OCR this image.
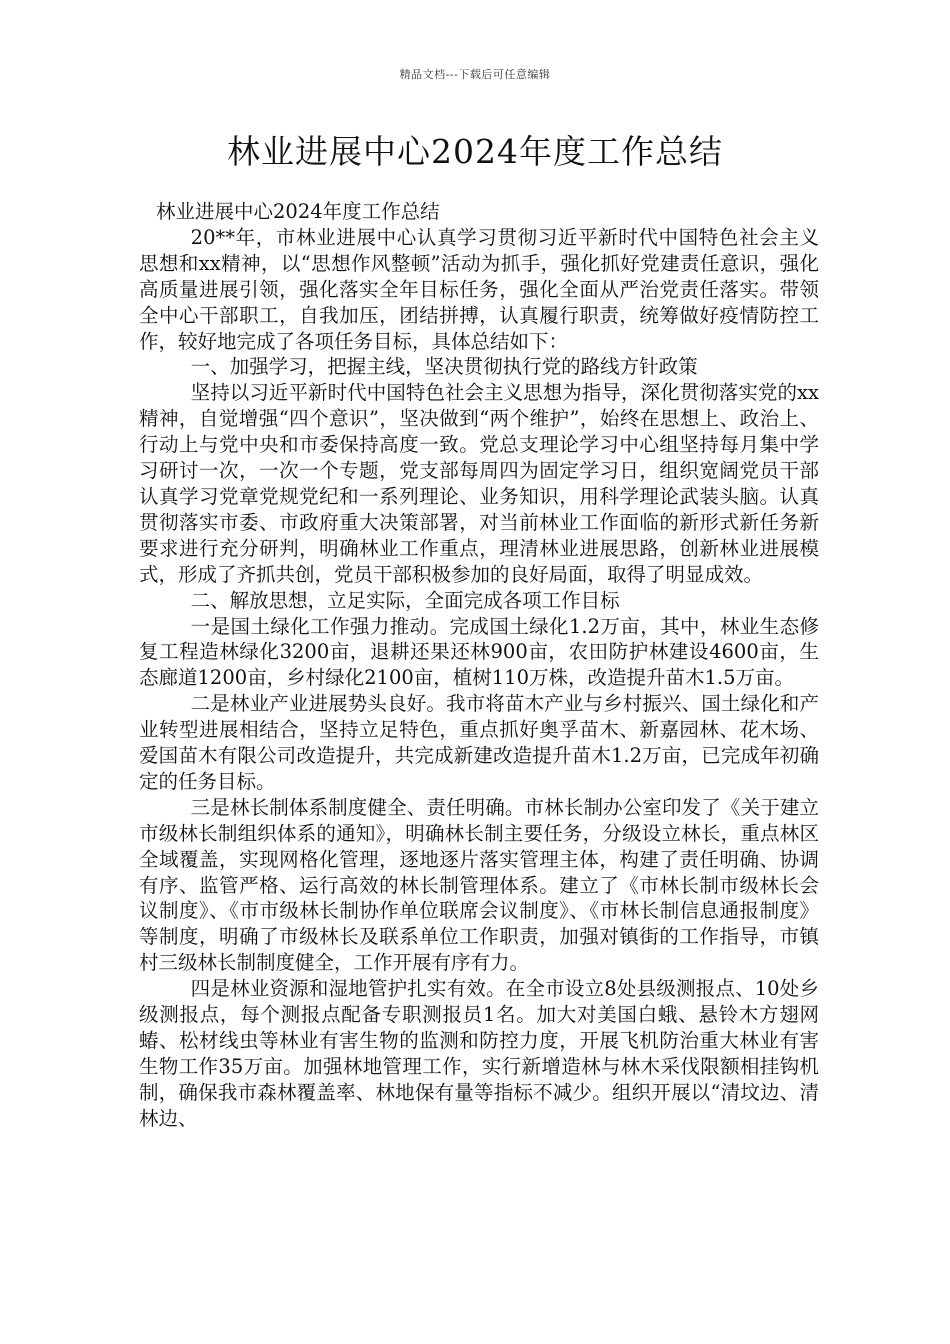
精品文档---下载后可任意编辑
林业进展中心2024年度工作总结

林业进展中心2024年度工作总结

20**年，市林业进展中心认真学习贯彻习近平新时代中国特色社会主义思想和xx精神，以“思想作风整顿”活动为抓手，强化抓好党建责任意识，强化高质量进展引领，强化落实全年目标任务，强化全面从严治党责任落实。带领全中心干部职工，自我加压，团结拼搏，认真履行职责，统筹做好疫情防控工作，较好地完成了各项任务目标，具体总结如下：

一、加强学习，把握主线，坚决贯彻执行党的路线方针政策

坚持以习近平新时代中国特色社会主义思想为指导，深化贯彻落实党的xx精神，自觉增强“四个意识”，坚决做到“两个维护”，始终在思想上、政治上、行动上与党中央和市委保持高度一致。党总支理论学习中心组坚持每月集中学习研讨一次，一次一个专题，党支部每周四为固定学习日，组织宽阔党员干部认真学习党章党规党纪和一系列理论、业务知识，用科学理论武装头脑。认真贯彻落实市委、市政府重大决策部署，对当前林业工作面临的新形式新任务新要求进行充分研判，明确林业工作重点，理清林业进展思路，创新林业进展模式，形成了齐抓共创，党员干部积极参加的良好局面，取得了明显成效。

二、解放思想，立足实际，全面完成各项工作目标

一是国土绿化工作强力推动。完成国土绿化1.2万亩，其中，林业生态修复工程造林绿化3200亩，退耕还果还林900亩，农田防护林建设4600亩，生态廊道1200亩，乡村绿化2100亩，植树110万株，改造提升苗木1.5万亩。

二是林业产业进展势头良好。我市将苗木产业与乡村振兴、国土绿化和产业转型进展相结合，坚持立足特色，重点抓好奥孚苗木、新嘉园林、花木场、爱国苗木有限公司改造提升，共完成新建改造提升苗木1.2万亩，已完成年初确定的任务目标。

三是林长制体系制度健全、责任明确。市林长制办公室印发了《关于建立市级林长制组织体系的通知》，明确林长制主要任务，分级设立林长，重点林区全域覆盖，实现网格化管理，逐地逐片落实管理主体，构建了责任明确、协调有序、监管严格、运行高效的林长制管理体系。建立了《市林长制市级林长会议制度》、《市市级林长制协作单位联席会议制度》、《市林长制信息通报制度》等制度，明确了市级林长及联系单位工作职责，加强对镇街的工作指导，市镇村三级林长制制度健全，工作开展有序有力。

四是林业资源和湿地管护扎实有效。在全市设立8处县级测报点、10处乡级测报点，每个测报点配备专职测报员1名。加大对美国白蛾、悬铃木方翅网蝽、松材线虫等林业有害生物的监测和防控力度，开展飞机防治重大林业有害生物工作35万亩。加强林地管理工作，实行新增造林与林木采伐限额相挂钩机制，确保我市森林覆盖率、林地保有量等指标不减少。组织开展以“清坟边、清林边、
